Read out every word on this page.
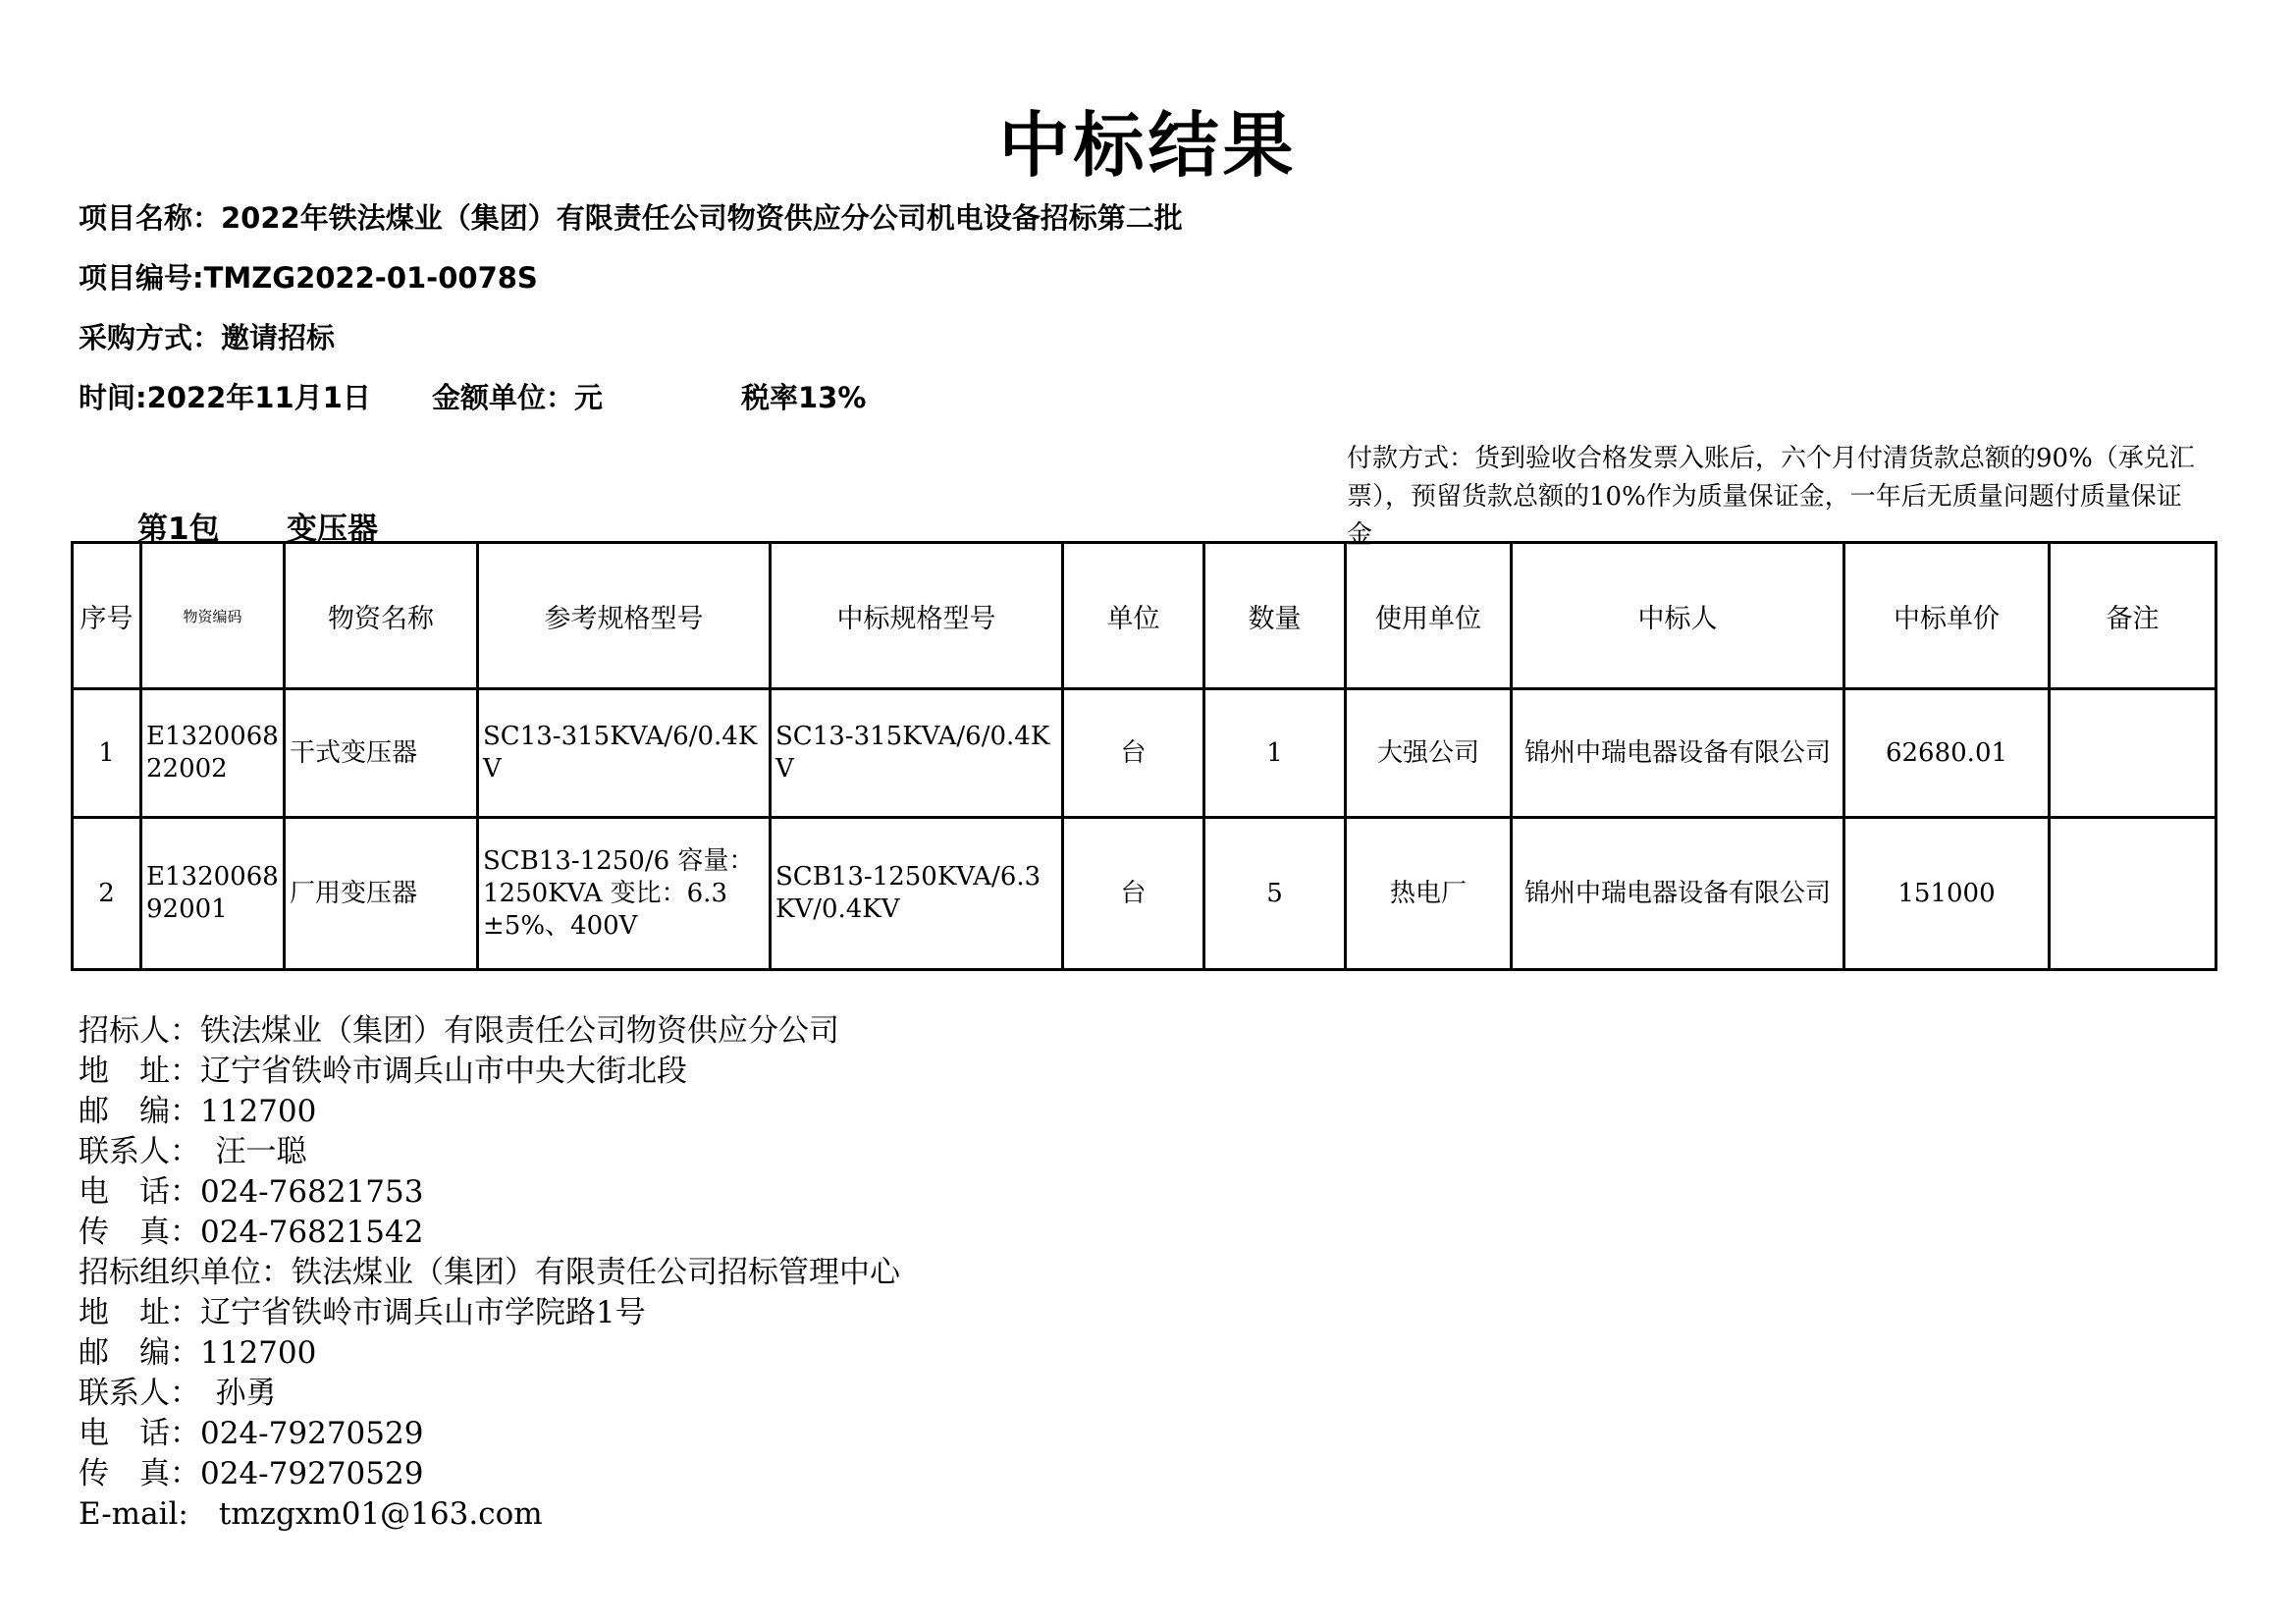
中标结果
项目名称：2022年铁法煤业（集团）有限责任公司物资供应分公司机电设备招标第二批
项目编号:TMZG2022-01-0078S
采购方式：邀请招标
时间:2022年11月1日 金额单位：元	税率13%
付款方式：货到验收合格发票入账后，六个月付清货款总额的90%（承兑汇票），预留货款总额的10%作为质量保证金，一年后无质量问题付质量保证金
第1包 变压器
序号	物资编码	物资名称	参考规格型号	中标规格型号	单位	数量	使用单位	中标人	中标单价	备注
1	E132006822002	干式变压器	SC13-315KVA/6/0.4KV	SC13-315KVA/6/0.4KV	台	1	大强公司	锦州中瑞电器设备有限公司	62680.01	
2	E132006892001	厂用变压器	SCB13-1250/6 容量：1250KVA 变比：6.3±5%、400V	SCB13-1250KVA/6.3KV/0.4KV	台	5	热电厂	锦州中瑞电器设备有限公司	151000	
招标人：铁法煤业（集团）有限责任公司物资供应分公司
地　址：辽宁省铁岭市调兵山市中央大街北段
邮　编：112700
联系人：　汪一聪
电　话：024-76821753
传　真：024-76821542
招标组织单位：铁法煤业（集团）有限责任公司招标管理中心
地　址：辽宁省铁岭市调兵山市学院路1号
邮　编：112700
联系人：　孙勇
电　话：024-79270529
传　真：024-79270529
E-mail:　tmzgxm01@163.com
